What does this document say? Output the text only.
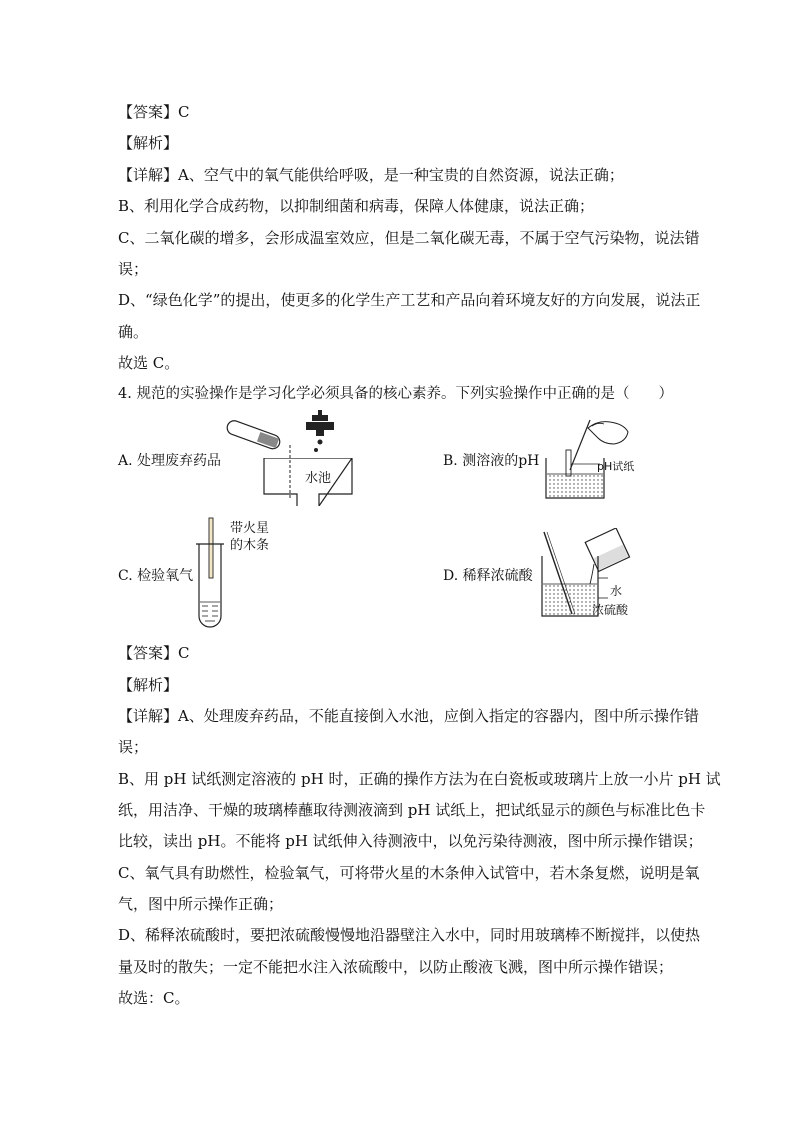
【答案】C
【解析】
【详解】A、空气中的氧气能供给呼吸，是一种宝贵的自然资源，说法正确；
B、利用化学合成药物，以抑制细菌和病毒，保障人体健康，说法正确；
C、二氧化碳的增多，会形成温室效应，但是二氧化碳无毒，不属于空气污染物，说法错
误；
D、“绿色化学”的提出，使更多的化学生产工艺和产品向着环境友好的方向发展，说法正
确。
故选 C。
4. 规范的实验操作是学习化学必须具备的核心素养。下列实验操作中正确的是（　　）
A. 处理废弃药品	B. 测溶液的pH
C. 检验氧气	D. 稀释浓硫酸
水池
pH试纸
带火星
的木条
水
浓硫酸
【答案】C
【解析】
【详解】A、处理废弃药品，不能直接倒入水池，应倒入指定的容器内，图中所示操作错
误；
B、用 pH 试纸测定溶液的 pH 时，正确的操作方法为在白瓷板或玻璃片上放一小片 pH 试
纸，用洁净、干燥的玻璃棒蘸取待测液滴到 pH 试纸上，把试纸显示的颜色与标准比色卡
比较，读出 pH。不能将 pH 试纸伸入待测液中，以免污染待测液，图中所示操作错误；
C、氧气具有助燃性，检验氧气，可将带火星的木条伸入试管中，若木条复燃，说明是氧
气，图中所示操作正确；
D、稀释浓硫酸时，要把浓硫酸慢慢地沿器壁注入水中，同时用玻璃棒不断搅拌，以使热
量及时的散失；一定不能把水注入浓硫酸中，以防止酸液飞溅，图中所示操作错误；
故选：C。
